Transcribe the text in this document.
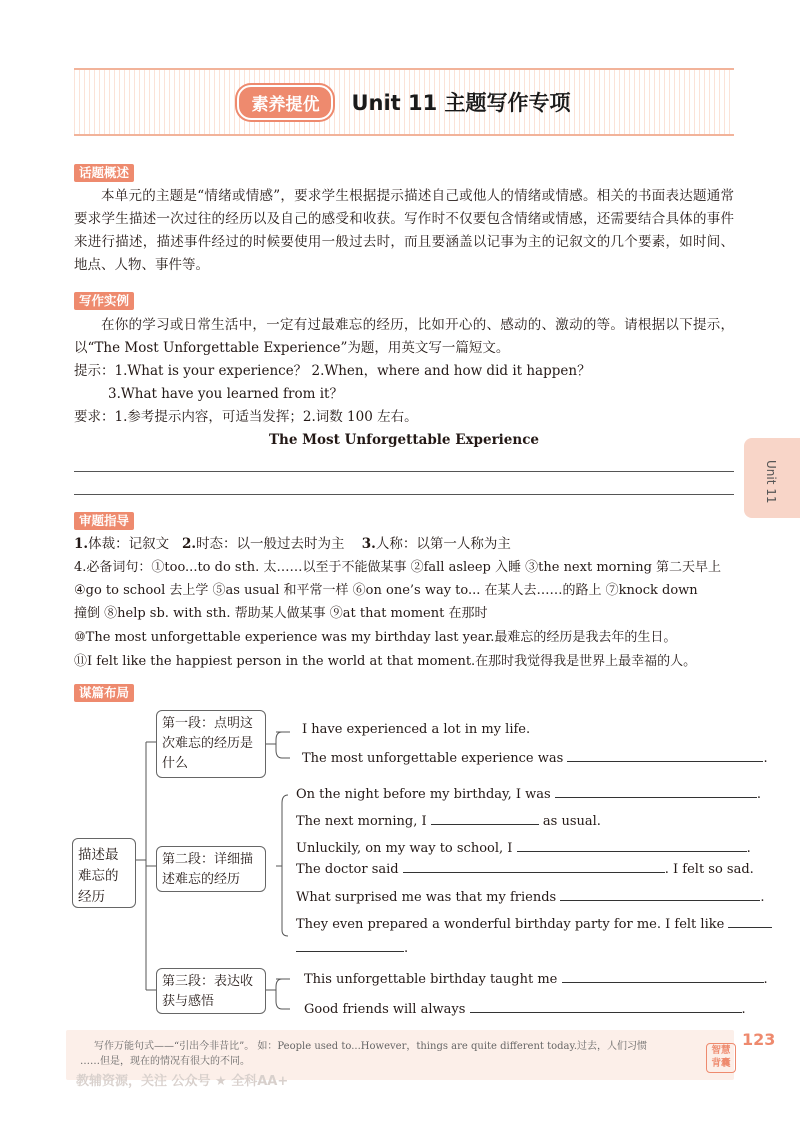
素养提优	Unit 11 主题写作专项
Unit 11
话题概述
本单元的主题是“情绪或情感”，要求学生根据提示描述自己或他人的情绪或情感。相关的书面表达题通常要求学生描述一次过往的经历以及自己的感受和收获。写作时不仅要包含情绪或情感，还需要结合具体的事件来进行描述，描述事件经过的时候要使用一般过去时，而且要涵盖以记事为主的记叙文的几个要素，如时间、地点、人物、事件等。
写作实例
在你的学习或日常生活中，一定有过最难忘的经历，比如开心的、感动的、激动的等。请根据以下提示，以“The Most Unforgettable Experience”为题，用英文写一篇短文。
提示：1.What is your experience？ 2.When，where and how did it happen？
3.What have you learned from it？
要求：1.参考提示内容，可适当发挥；2.词数 100 左右。
The Most Unforgettable Experience
审题指导
1.体裁：记叙文 2.时态：以一般过去时为主 3.人称：以第一人称为主
4.必备词句：①too...to do sth. 太……以至于不能做某事 ②fall asleep 入睡 ③the next morning 第二天早上
④go to school 去上学 ⑤as usual 和平常一样 ⑥on one’s way to... 在某人去……的路上 ⑦knock down
撞倒 ⑧help sb. with sth. 帮助某人做某事 ⑨at that moment 在那时
⑩The most unforgettable experience was my birthday last year.最难忘的经历是我去年的生日。
⑪I felt like the happiest person in the world at that moment.在那时我觉得我是世界上最幸福的人。
谋篇布局
描述最难忘的经历
第一段：点明这次难忘的经历是什么
I have experienced a lot in my life.
The most unforgettable experience was	.
第二段：详细描述难忘的经历
On the night before my birthday, I was	.
The next morning, I	as usual.
Unluckily, on my way to school, I	.
The doctor said	. I felt so sad.
What surprised me was that my friends	.
They even prepared a wonderful birthday party for me. I felt like
.
第三段：表达收获与感悟
This unforgettable birthday taught me	.
Good friends will always	.
写作万能句式——“引出今非昔比”。 如：People used to...However，things are quite different today.过去，人们习惯
……但是，现在的情况有很大的不同。
教辅资源，关注 公众号 ★ 全科AA+
智慧背囊
123
